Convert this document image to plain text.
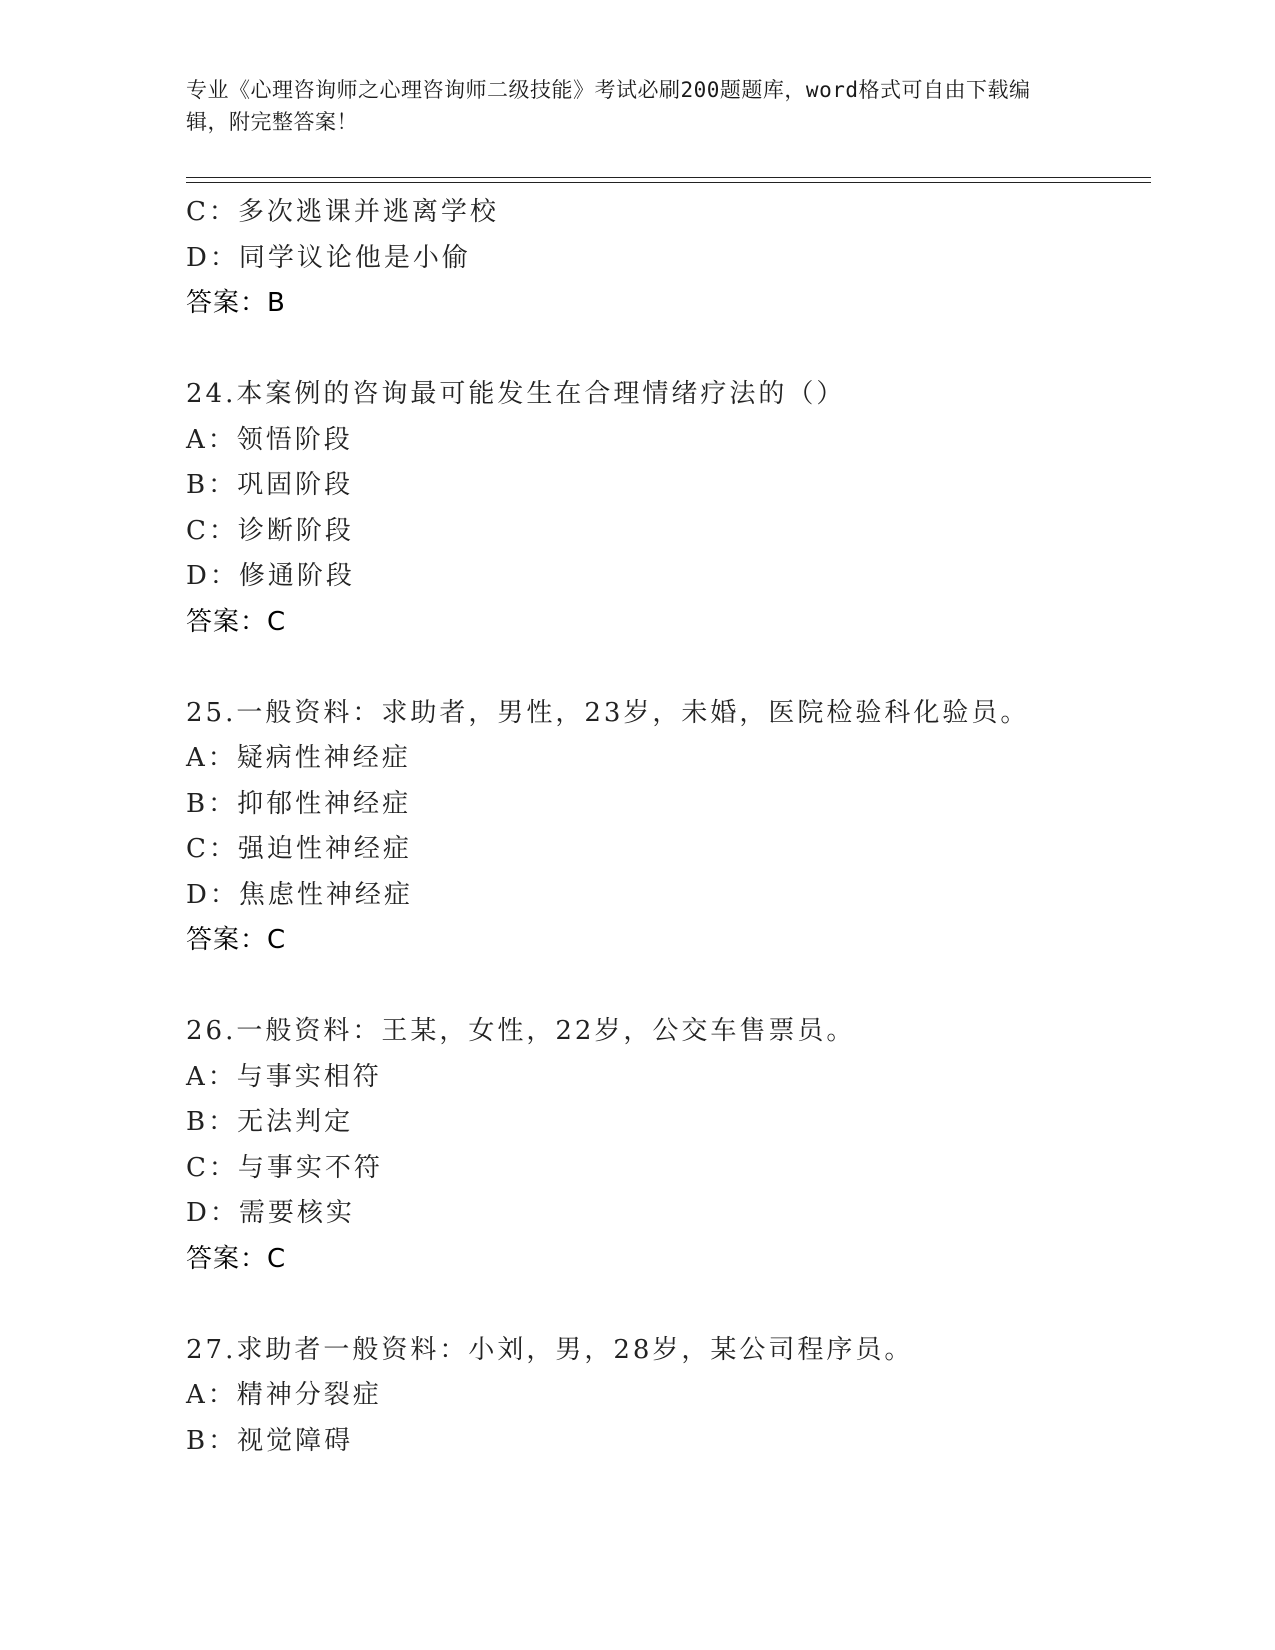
专业《心理咨询师之心理咨询师二级技能》考试必刷200题题库，word格式可自由下载编辑，附完整答案！
C：多次逃课并逃离学校
D：同学议论他是小偷
答案：B
24.本案例的咨询最可能发生在合理情绪疗法的（）
A：领悟阶段
B：巩固阶段
C：诊断阶段
D：修通阶段
答案：C
25.一般资料：求助者，男性，23岁，未婚，医院检验科化验员。
A：疑病性神经症
B：抑郁性神经症
C：强迫性神经症
D：焦虑性神经症
答案：C
26.一般资料：王某，女性，22岁，公交车售票员。
A：与事实相符
B：无法判定
C：与事实不符
D：需要核实
答案：C
27.求助者一般资料：小刘，男，28岁，某公司程序员。
A：精神分裂症
B：视觉障碍
